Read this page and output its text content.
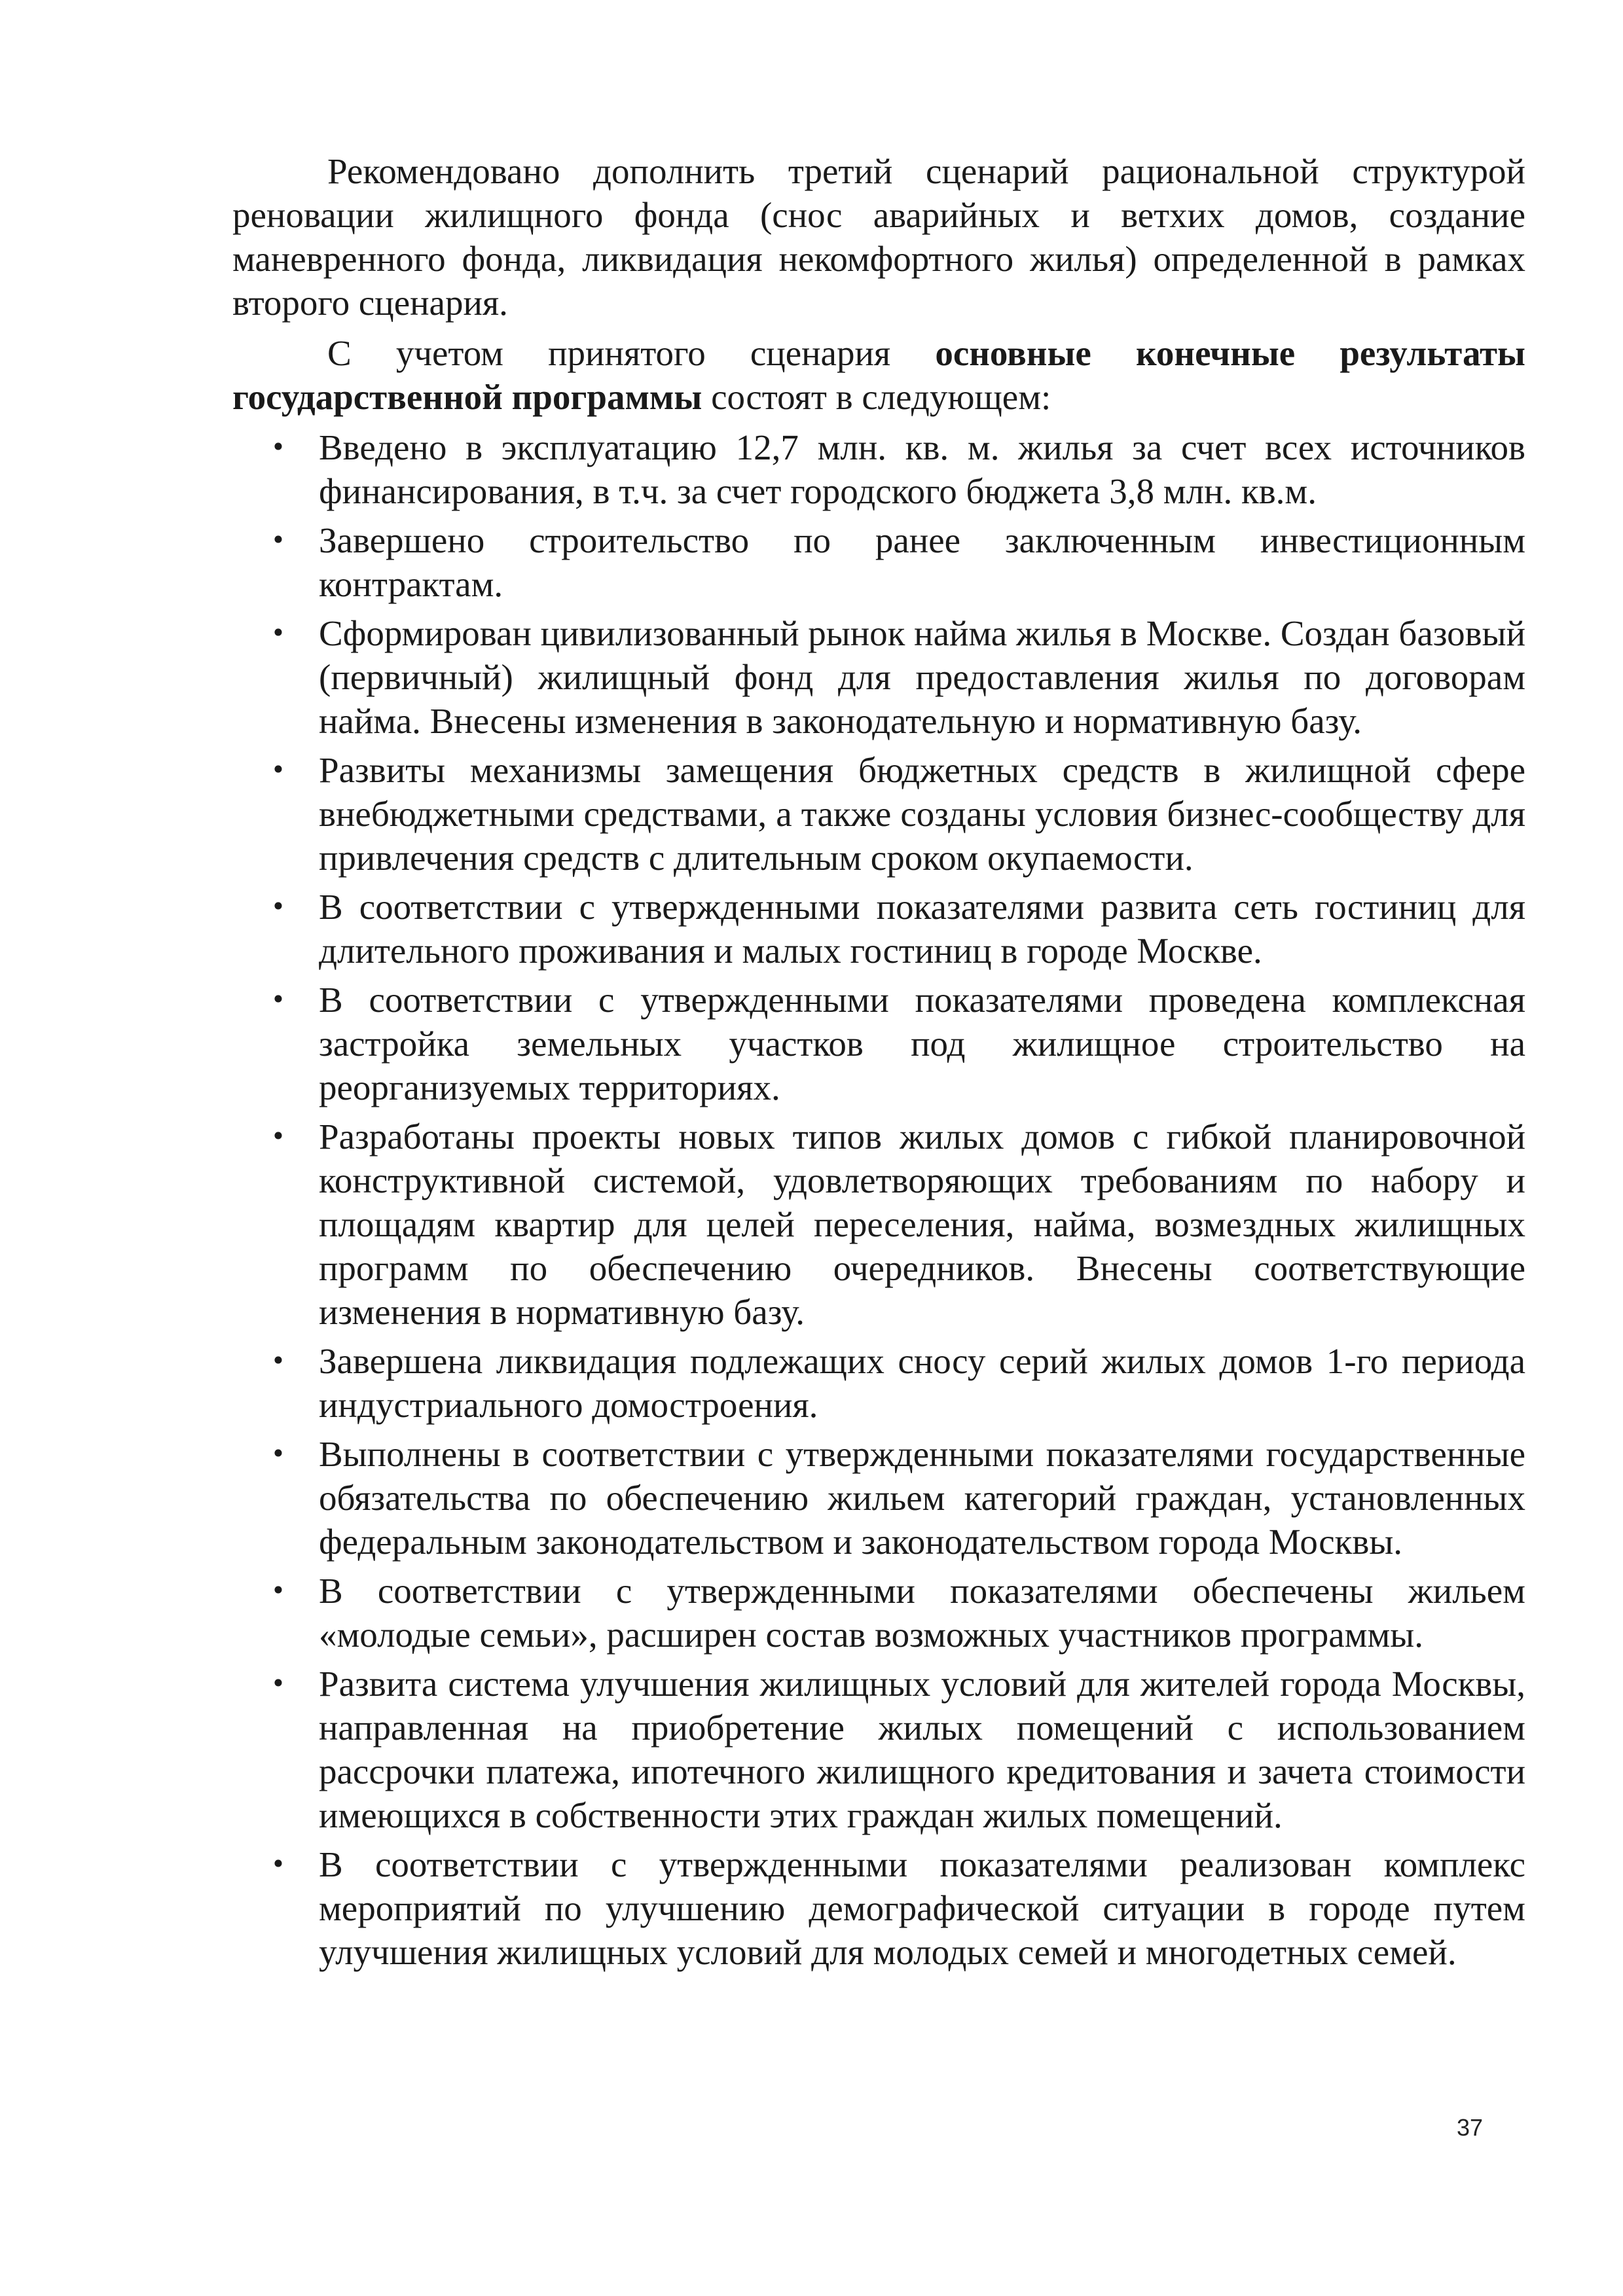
Рекомендовано дополнить третий сценарий рациональной структурой реновации жилищного фонда (снос аварийных и ветхих домов, создание маневренного фонда, ликвидация некомфортного жилья) определенной в рамках второго сценария.

С учетом принятого сценария основные конечные результаты государственной программы состоят в следующем:

• Введено в эксплуатацию 12,7 млн. кв. м. жилья за счет всех источников финансирования, в т.ч. за счет городского бюджета 3,8 млн. кв.м.
• Завершено строительство по ранее заключенным инвестиционным контрактам.
• Сформирован цивилизованный рынок найма жилья в Москве. Создан базовый (первичный) жилищный фонд для предоставления жилья по договорам найма. Внесены изменения в законодательную и нормативную базу.
• Развиты механизмы замещения бюджетных средств в жилищной сфере внебюджетными средствами, а также созданы условия бизнес-сообществу для привлечения средств с длительным сроком окупаемости.
• В соответствии с утвержденными показателями развита сеть гостиниц для длительного проживания и малых гостиниц в городе Москве.
• В соответствии с утвержденными показателями проведена комплексная застройка земельных участков под жилищное строительство на реорганизуемых территориях.
• Разработаны проекты новых типов жилых домов с гибкой планировочной конструктивной системой, удовлетворяющих требованиям по набору и площадям квартир для целей переселения, найма, возмездных жилищных программ по обеспечению очередников. Внесены соответствующие изменения в нормативную базу.
• Завершена ликвидация подлежащих сносу серий жилых домов 1-го периода индустриального домостроения.
• Выполнены в соответствии с утвержденными показателями государственные обязательства по обеспечению жильем категорий граждан, установленных федеральным законодательством и законодательством города Москвы.
• В соответствии с утвержденными показателями обеспечены жильем «молодые семьи», расширен состав возможных участников программы.
• Развита система улучшения жилищных условий для жителей города Москвы, направленная на приобретение жилых помещений с использованием рассрочки платежа, ипотечного жилищного кредитования и зачета стоимости имеющихся в собственности этих граждан жилых помещений.
• В соответствии с утвержденными показателями реализован комплекс мероприятий по улучшению демографической ситуации в городе путем улучшения жилищных условий для молодых семей и многодетных семей.
37
